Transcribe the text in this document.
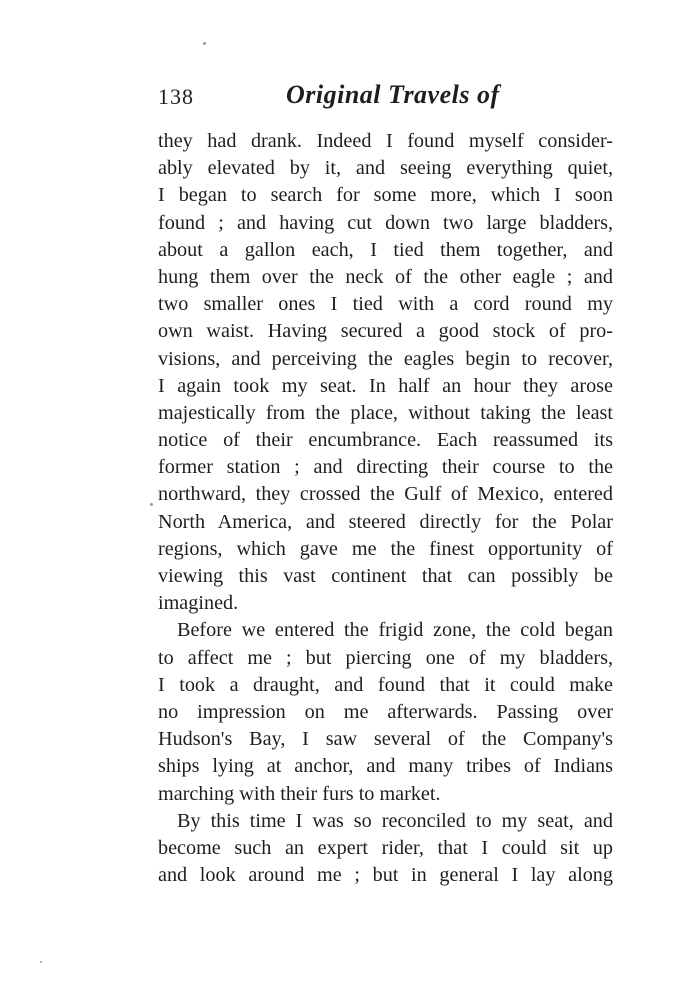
138	Original Travels of
they had drank. Indeed I found myself consider-
ably elevated by it, and seeing everything quiet,
I began to search for some more, which I soon
found ; and having cut down two large bladders,
about a gallon each, I tied them together, and
hung them over the neck of the other eagle ; and
two smaller ones I tied with a cord round my
own waist. Having secured a good stock of pro-
visions, and perceiving the eagles begin to recover,
I again took my seat. In half an hour they arose
majestically from the place, without taking the least
notice of their encumbrance. Each reassumed its
former station ; and directing their course to the
northward, they crossed the Gulf of Mexico, entered
North America, and steered directly for the Polar
regions, which gave me the finest opportunity of
viewing this vast continent that can possibly be
imagined.
Before we entered the frigid zone, the cold began
to affect me ; but piercing one of my bladders,
I took a draught, and found that it could make
no impression on me afterwards. Passing over
Hudson's Bay, I saw several of the Company's
ships lying at anchor, and many tribes of Indians
marching with their furs to market.
By this time I was so reconciled to my seat, and
become such an expert rider, that I could sit up
and look around me ; but in general I lay along
